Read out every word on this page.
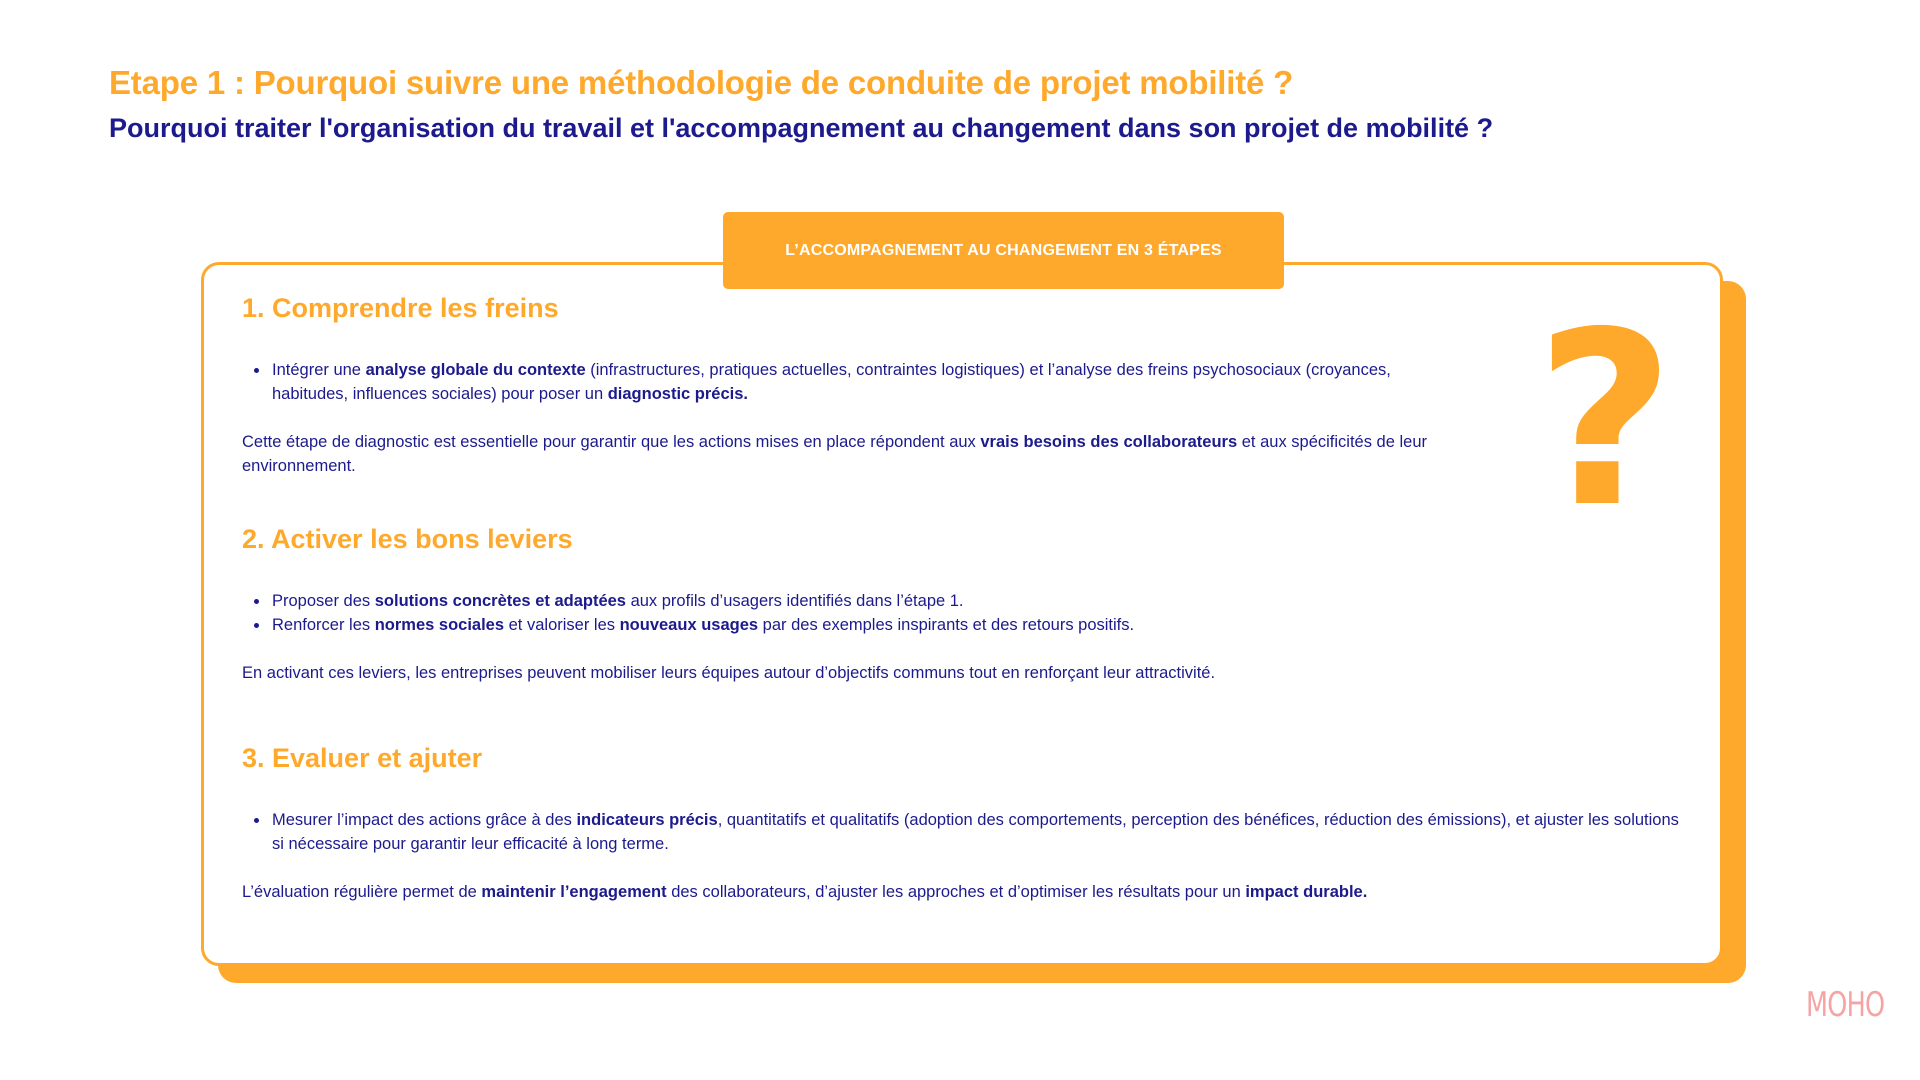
Etape 1 : Pourquoi suivre une méthodologie de conduite de projet mobilité ?
Pourquoi traiter l'organisation du travail et l'accompagnement au changement dans son projet de mobilité ?
L’ACCOMPAGNEMENT AU CHANGEMENT EN 3 ÉTAPES
?
1. Comprendre les freins
Intégrer une analyse globale du contexte (infrastructures, pratiques actuelles, contraintes logistiques) et l’analyse des freins psychosociaux (croyances, habitudes, influences sociales) pour poser un diagnostic précis.

Cette étape de diagnostic est essentielle pour garantir que les actions mises en place répondent aux vrais besoins des collaborateurs et aux spécificités de leur environnement.

2. Activer les bons leviers
Proposer des solutions concrètes et adaptées aux profils d’usagers identifiés dans l’étape 1.
Renforcer les normes sociales et valoriser les nouveaux usages par des exemples inspirants et des retours positifs.

En activant ces leviers, les entreprises peuvent mobiliser leurs équipes autour d’objectifs communs tout en renforçant leur attractivité.

3. Evaluer et ajuter
Mesurer l’impact des actions grâce à des indicateurs précis, quantitatifs et qualitatifs (adoption des comportements, perception des bénéfices, réduction des émissions), et ajuster les solutions si nécessaire pour garantir leur efficacité à long terme.

L’évaluation régulière permet de maintenir l’engagement des collaborateurs, d’ajuster les approches et d’optimiser les résultats pour un impact durable.

MOHO
